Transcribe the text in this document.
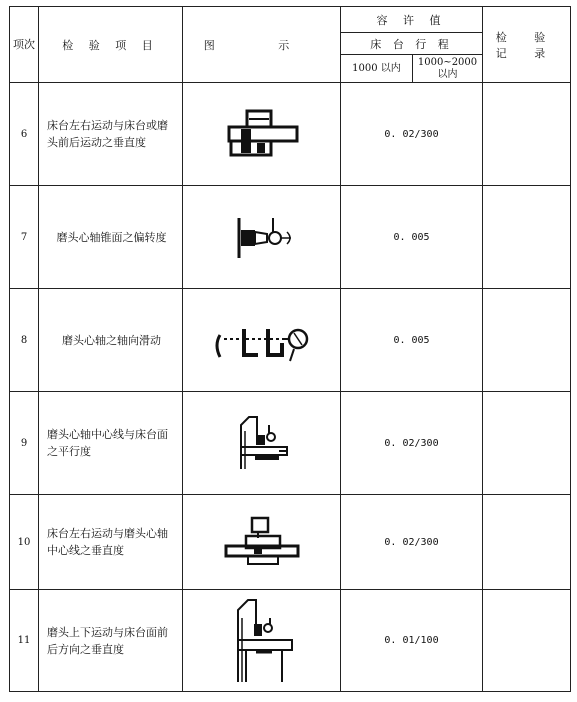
项次	检 验 项 目	图 示	容 许 值		检 验 记 录
			床 台 行 程		
			1000 以内	1000~2000 以内	
6	床台左右运动与床台或磨头前后运动之垂直度		0. 02/300		
7	磨头心轴锥面之偏转度		0. 005		
8	磨头心轴之轴向滑动		0. 005		
9	磨头心轴中心线与床台面之平行度		0. 02/300		
10	床台左右运动与磨头心轴中心线之垂直度		0. 02/300		
11	磨头上下运动与床台面前后方向之垂直度		0. 01/100		
